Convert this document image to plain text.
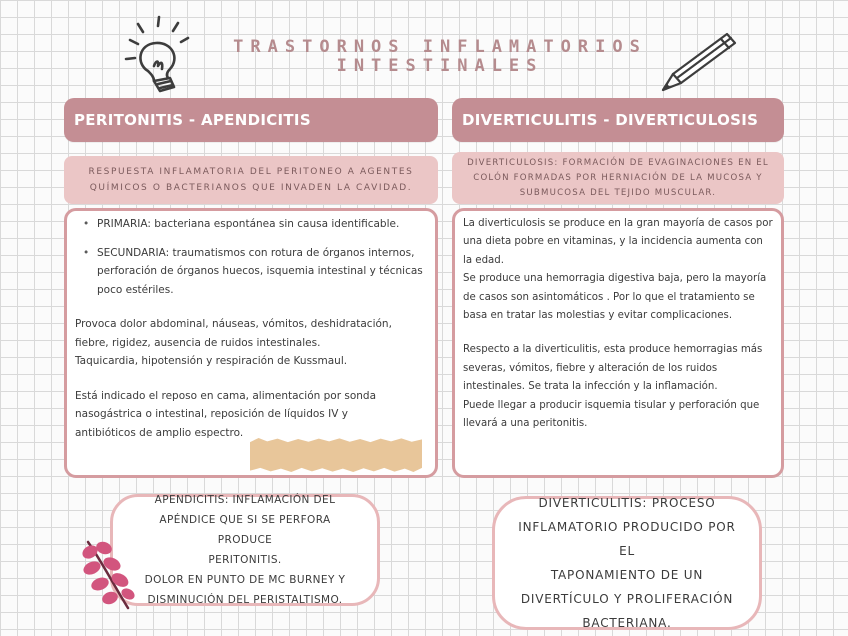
TRASTORNOS INFLAMATORIOS
INTESTINALES
PERITONITIS - APENDICITIS
RESPUESTA INFLAMATORIA DEL PERITONEO A AGENTES QUÍMICOS O BACTERIANOS QUE INVADEN LA CAVIDAD.
• PRIMARIA: bacteriana espontánea sin causa identificable.
• SECUNDARIA: traumatismos con rotura de órganos internos, perforación de órganos huecos, isquemia intestinal y técnicas poco estériles.

Provoca dolor abdominal, náuseas, vómitos, deshidratación, fiebre, rigidez, ausencia de ruidos intestinales.

Taquicardia, hipotensión y respiración de Kussmaul.

Está indicado el reposo en cama, alimentación por sonda nasogástrica o intestinal, reposición de líquidos IV y antibióticos de amplio espectro.

APENDICITIS: INFLAMACIÓN DEL
APÉNDICE QUE SI SE PERFORA PRODUCE
PERITONITIS.
DOLOR EN PUNTO DE MC BURNEY Y
DISMINUCIÓN DEL PERISTALTISMO.
DIVERTICULITIS - DIVERTICULOSIS
DIVERTICULOSIS: FORMACIÓN DE EVAGINACIONES EN EL COLÓN FORMADAS POR HERNIACIÓN DE LA MUCOSA Y SUBMUCOSA DEL TEJIDO MUSCULAR.

La diverticulosis se produce en la gran mayoría de casos por una dieta pobre en vitaminas, y la incidencia aumenta con la edad.

Se produce una hemorragia digestiva baja, pero la mayoría de casos son asintomáticos . Por lo que el tratamiento se basa en tratar las molestias y evitar complicaciones.

Respecto a la diverticulitis, esta produce hemorragias más severas, vómitos, fiebre y alteración de los ruidos intestinales. Se trata la infección y la inflamación.

Puede llegar a producir isquemia tisular y perforación que llevará a una peritonitis.

DIVERTICULITIS: PROCESO
INFLAMATORIO PRODUCIDO POR EL
TAPONAMIENTO DE UN
DIVERTÍCULO Y PROLIFERACIÓN
BACTERIANA.
